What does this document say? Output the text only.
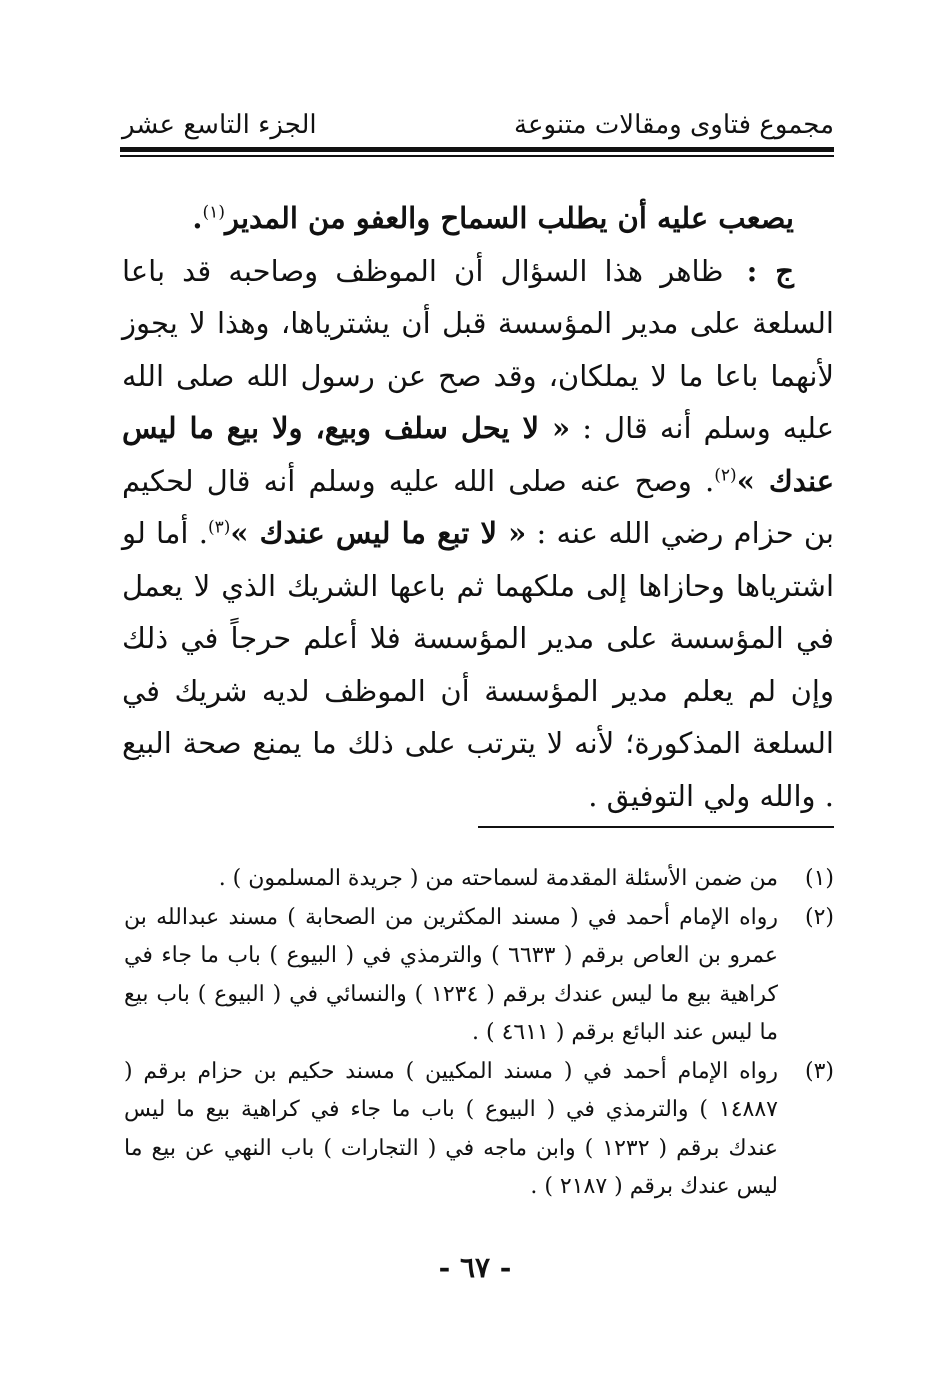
مجموع فتاوى ومقالات متنوعة
الجزء التاسع عشر

يصعب عليه أن يطلب السماح والعفو من المدير$^{(١)}$.

ج : ظاهر هذا السؤال أن الموظف وصاحبه قد باعا السلعة على مدير المؤسسة قبل أن يشترياها، وهذا لا يجوز لأنهما باعا ما لا يملكان، وقد صح عن رسول الله صلى الله عليه وسلم أنه قال : « لا يحل سلف وبيع، ولا بيع ما ليس عندك »$^{(٢)}$. وصح عنه صلى الله عليه وسلم أنه قال لحكيم بن حزام رضي الله عنه : « لا تبع ما ليس عندك »$^{(٣)}$. أما لو اشترياها وحازاها إلى ملكهما ثم باعها الشريك الذي لا يعمل في المؤسسة على مدير المؤسسة فلا أعلم حرجاً في ذلك وإن لم يعلم مدير المؤسسة أن الموظف لديه شريك في السلعة المذكورة؛ لأنه لا يترتب على ذلك ما يمنع صحة البيع . والله ولي التوفيق .

(١)
من ضمن الأسئلة المقدمة لسماحته من ( جريدة المسلمون ) .
(٢)
رواه الإمام أحمد في ( مسند المكثرين من الصحابة ) مسند عبدالله بن عمرو بن العاص برقم ( ٦٦٣٣ ) والترمذي في ( البيوع ) باب ما جاء في كراهية بيع ما ليس عندك برقم ( ١٢٣٤ ) والنسائي في ( البيوع ) باب بيع ما ليس عند البائع برقم ( ٤٦١١ ) .
(٣)
رواه الإمام أحمد في ( مسند المكيين ) مسند حكيم بن حزام برقم ( ١٤٨٨٧ ) والترمذي في ( البيوع ) باب ما جاء في كراهية بيع ما ليس عندك برقم ( ١٢٣٢ ) وابن ماجه في ( التجارات ) باب النهي عن بيع ما ليس عندك برقم ( ٢١٨٧ ) .
- ٦٧ -
